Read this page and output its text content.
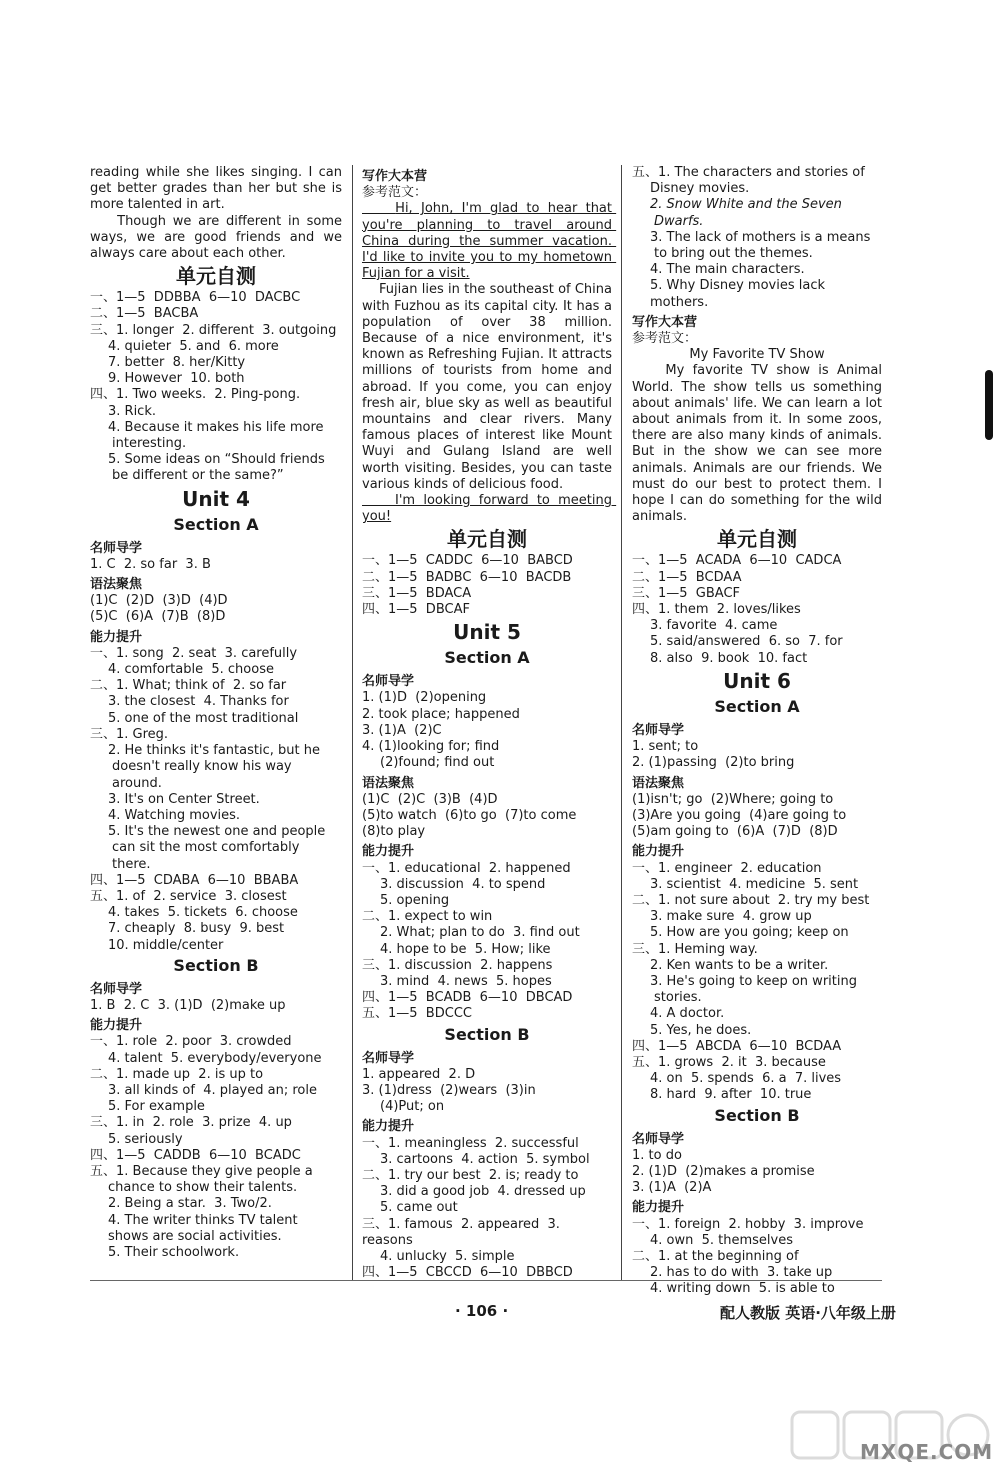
reading while she likes singing. I can get better grades than her but she is more talented in art.
Though we are different in some ways, we are good friends and we always care about each other.
单元自测
一、1—5  DDBBA  6—10  DACBC
二、1—5  BACBA
三、1. longer  2. different  3. outgoing
4. quieter  5. and  6. more
7. better  8. her/Kitty
9. However  10. both
四、1. Two weeks.  2. Ping-pong.
3. Rick.
4. Because it makes his life more
interesting.
5. Some ideas on “Should friends
be different or the same?”
Unit 4
Section A
名师导学
1. C  2. so far  3. B
语法聚焦
(1)C  (2)D  (3)D  (4)D
(5)C  (6)A  (7)B  (8)D
能力提升
一、1. song  2. seat  3. carefully
4. comfortable  5. choose
二、1. What; think of  2. so far
3. the closest  4. Thanks for
5. one of the most traditional
三、1. Greg.
2. He thinks it's fantastic, but he
doesn't really know his way
around.
3. It's on Center Street.
4. Watching movies.
5. It's the newest one and people
can sit the most comfortably
there.
四、1—5  CDABA  6—10  BBABA
五、1. of  2. service  3. closest
4. takes  5. tickets  6. choose
7. cheaply  8. busy  9. best
10. middle/center
Section B
名师导学
1. B  2. C  3. (1)D  (2)make up
能力提升
一、1. role  2. poor  3. crowded
4. talent  5. everybody/everyone
二、1. made up  2. is up to
3. all kinds of  4. played an; role
5. For example
三、1. in  2. role  3. prize  4. up
5. seriously
四、1—5  CADDB  6—10  BCADC
五、1. Because they give people a
chance to show their talents.
2. Being a star.  3. Two/2.
4. The writer thinks TV talent
shows are social activities.
5. Their schoolwork.
写作大本营
参考范文：
Hi, John, I'm glad to hear that you're planning to travel around China during the summer vacation. I'd like to invite you to my hometown Fujian for a visit.
Fujian lies in the southeast of China with Fuzhou as its capital city. It has a population of over 38 million. Because of a nice environment, it's known as Refreshing Fujian. It attracts millions of tourists from home and abroad. If you come, you can enjoy fresh air, blue sky as well as beautiful mountains and clear rivers. Many famous places of interest like Mount Wuyi and Gulang Island are well worth visiting. Besides, you can taste various kinds of delicious food.
I'm looking forward to meeting you!
单元自测
一、1—5  CADDC  6—10  BABCD
二、1—5  BADBC  6—10  BACDB
三、1—5  BDACA
四、1—5  DBCAF
Unit 5
Section A
名师导学
1. (1)D  (2)opening
2. took place; happened
3. (1)A  (2)C
4. (1)looking for; find
(2)found; find out
语法聚焦
(1)C  (2)C  (3)B  (4)D
(5)to watch  (6)to go  (7)to come
(8)to play
能力提升
一、1. educational  2. happened
3. discussion  4. to spend
5. opening
二、1. expect to win
2. What; plan to do  3. find out
4. hope to be  5. How; like
三、1. discussion  2. happens
3. mind  4. news  5. hopes
四、1—5  BCADB  6—10  DBCAD
五、1—5  BDCCC
Section B
名师导学
1. appeared  2. D
3. (1)dress  (2)wears  (3)in
(4)Put; on
能力提升
一、1. meaningless  2. successful
3. cartoons  4. action  5. symbol
二、1. try our best  2. is; ready to
3. did a good job  4. dressed up
5. came out
三、1. famous  2. appeared  3. reasons
4. unlucky  5. simple
四、1—5  CBCCD  6—10  DBBCD
五、1. The characters and stories of
Disney movies.
2. Snow White and the Seven
Dwarfs.
3. The lack of mothers is a means
to bring out the themes.
4. The main characters.
5. Why Disney movies lack mothers.
写作大本营
参考范文：
My Favorite TV Show
My favorite TV show is Animal World. The show tells us something about animals' life. We can learn a lot about animals from it. In some zoos, there are also many kinds of animals. But in the show we can see more animals. Animals are our friends. We must do our best to protect them. I hope I can do something for the wild animals.
单元自测
一、1—5  ACADA  6—10  CADCA
二、1—5  BCDAA
三、1—5  GBACF
四、1. them  2. loves/likes
3. favorite  4. came
5. said/answered  6. so  7. for
8. also  9. book  10. fact
Unit 6
Section A
名师导学
1. sent; to
2. (1)passing  (2)to bring
语法聚焦
(1)isn't; go  (2)Where; going to
(3)Are you going  (4)are going to
(5)am going to  (6)A  (7)D  (8)D
能力提升
一、1. engineer  2. education
3. scientist  4. medicine  5. sent
二、1. not sure about  2. try my best
3. make sure  4. grow up
5. How are you going; keep on
三、1. Heming way.
2. Ken wants to be a writer.
3. He's going to keep on writing
stories.
4. A doctor.
5. Yes, he does.
四、1—5  ABCDA  6—10  BCDAA
五、1. grows  2. it  3. because
4. on  5. spends  6. a  7. lives
8. hard  9. after  10. true
Section B
名师导学
1. to do
2. (1)D  (2)makes a promise
3. (1)A  (2)A
能力提升
一、1. foreign  2. hobby  3. improve
4. own  5. themselves
二、1. at the beginning of
2. has to do with  3. take up
4. writing down  5. is able to
· 106 ·	配人教版 英语·八年级上册
MXQE.COM
